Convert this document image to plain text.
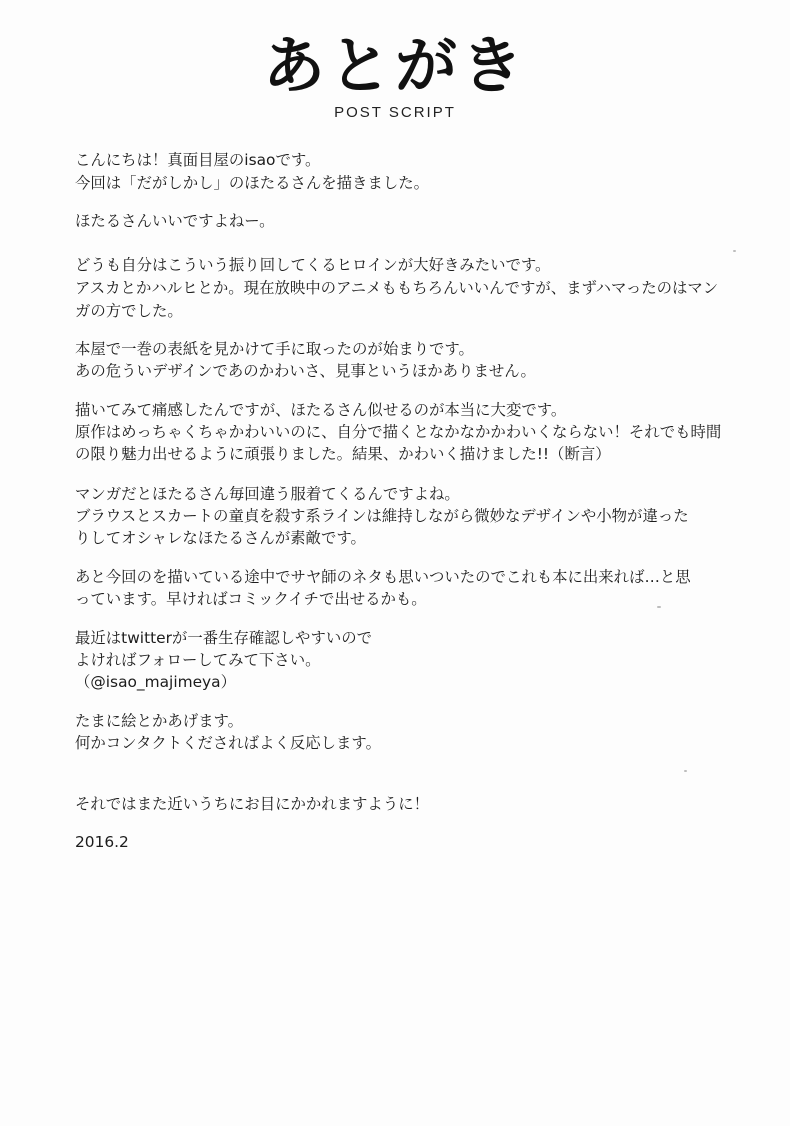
あとがき
POST SCRIPT
こんにちは！真面目屋のisaoです。
今回は「だがしかし」のほたるさんを描きました。
ほたるさんいいですよねー。
どうも自分はこういう振り回してくるヒロインが大好きみたいです。
アスカとかハルヒとか。現在放映中のアニメももちろんいいんですが、まずハマったのはマン
ガの方でした。
本屋で一巻の表紙を見かけて手に取ったのが始まりです。
あの危ういデザインであのかわいさ、見事というほかありません。
描いてみて痛感したんですが、ほたるさん似せるのが本当に大変です。
原作はめっちゃくちゃかわいいのに、自分で描くとなかなかかわいくならない！それでも時間
の限り魅力出せるように頑張りました。結果、かわいく描けました!!（断言）
マンガだとほたるさん毎回違う服着てくるんですよね。
ブラウスとスカートの童貞を殺す系ラインは維持しながら微妙なデザインや小物が違った
りしてオシャレなほたるさんが素敵です。
あと今回のを描いている途中でサヤ師のネタも思いついたのでこれも本に出来れば…と思
っています。早ければコミックイチで出せるかも。
最近はtwitterが一番生存確認しやすいので
よければフォローしてみて下さい。
（@isao_majimeya）
たまに絵とかあげます。
何かコンタクトくださればよく反応します。
それではまた近いうちにお目にかかれますように！
2016.2
